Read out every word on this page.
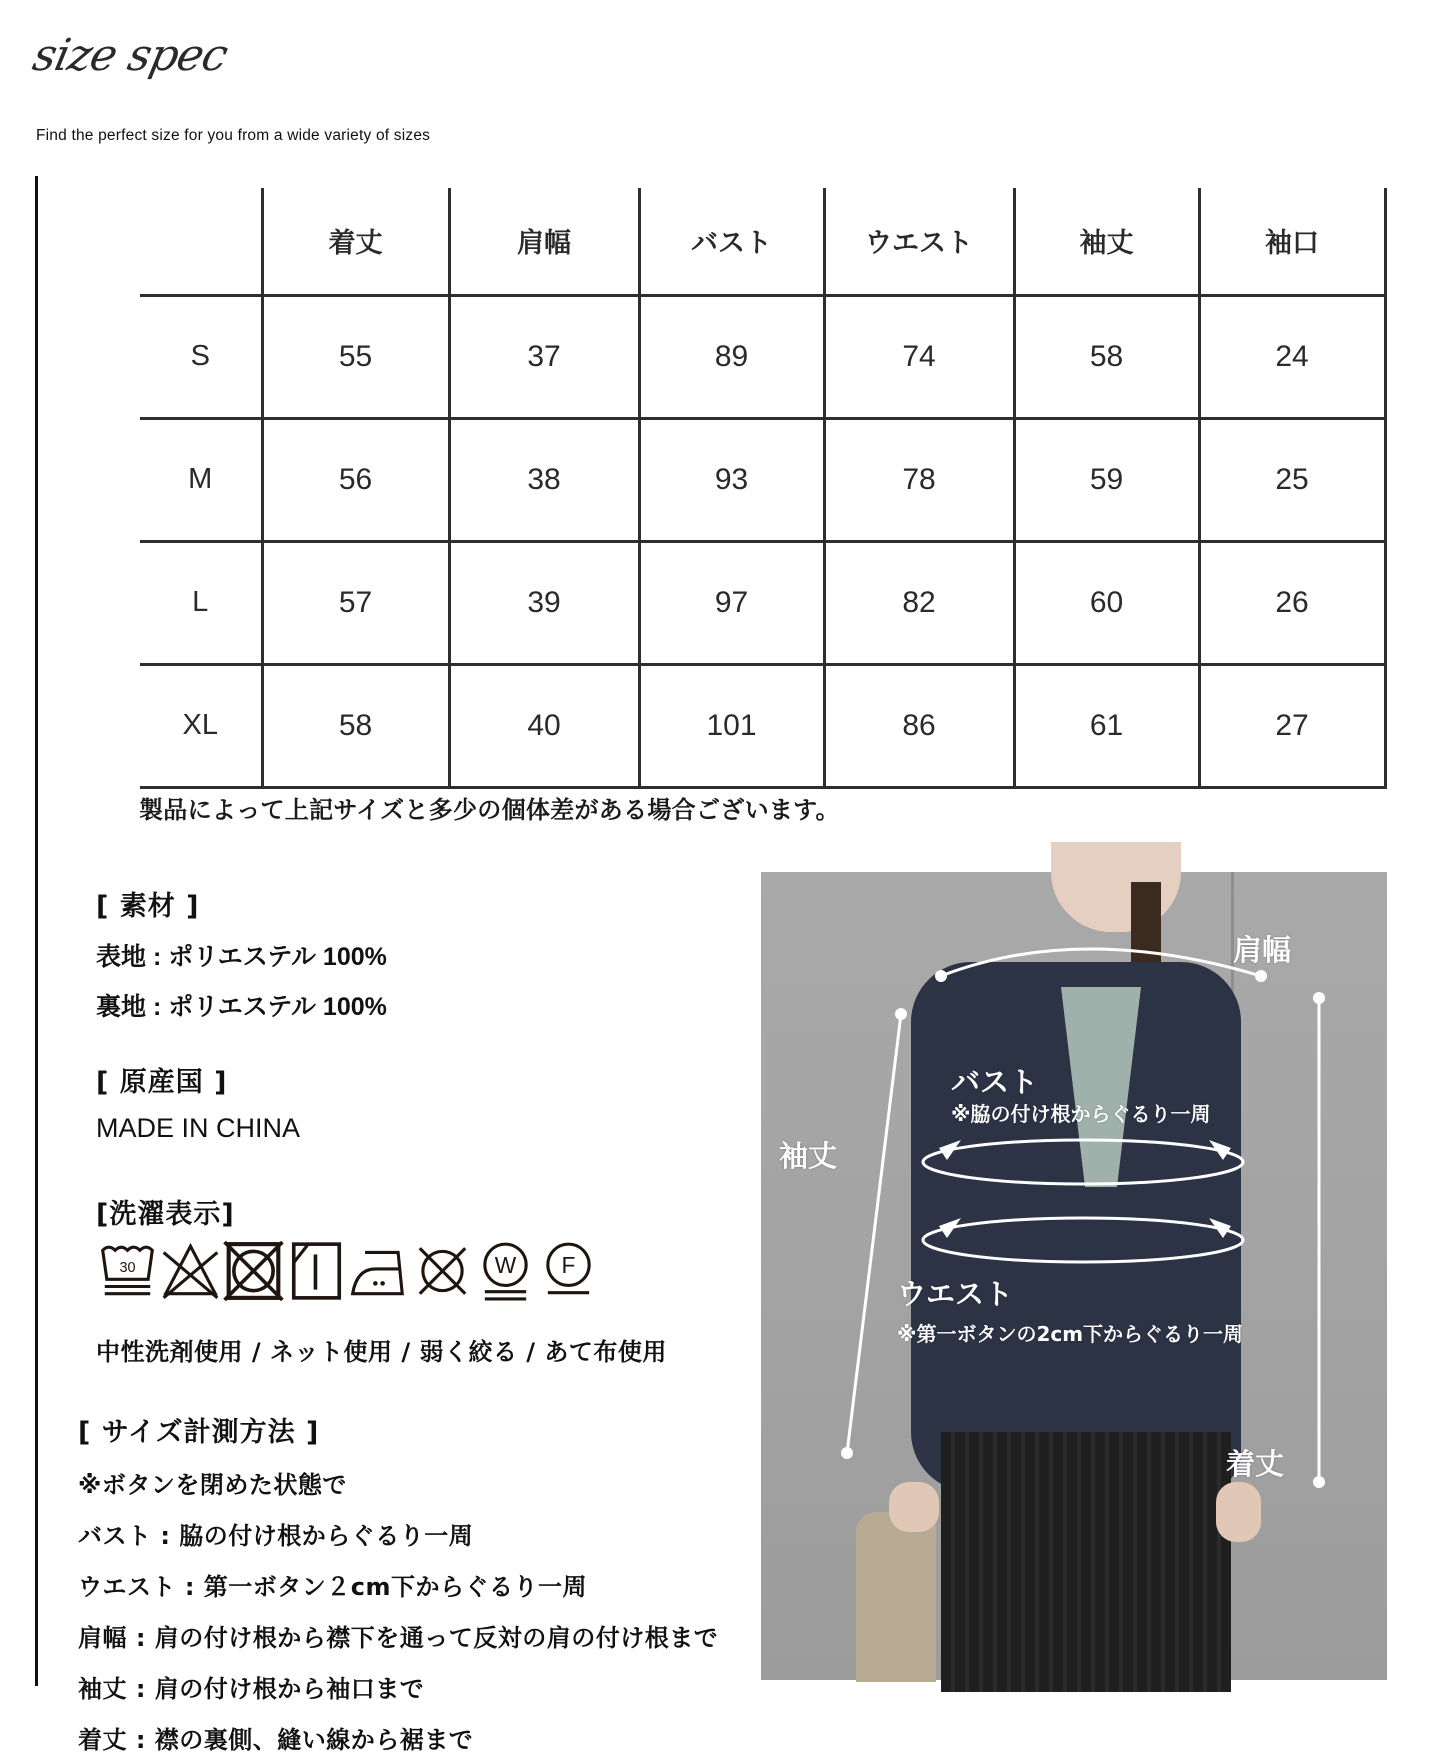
size spec
Find the perfect size for you from a wide variety of sizes
	着丈	肩幅	バスト	ウエスト	袖丈	袖口
S	55	37	89	74	58	24
M	56	38	93	78	59	25
L	57	39	97	82	60	26
XL	58	40	101	86	61	27
製品によって上記サイズと多少の個体差がある場合ございます。
[ 素材 ]
表地 : ポリエステル 100%
裏地 : ポリエステル 100%
[ 原産国 ]
MADE IN CHINA
[洗濯表示]
30	W F
中性洗剤使用 / ネット使用 / 弱く絞る / あて布使用
[ サイズ計測方法 ]
※ボタンを閉めた状態で
バスト : 脇の付け根からぐるり一周
ウエスト : 第一ボタン２cm下からぐるり一周
肩幅 : 肩の付け根から襟下を通って反対の肩の付け根まで
袖丈 : 肩の付け根から袖口まで
着丈 : 襟の裏側、縫い線から裾まで
肩幅
袖丈
バスト
※脇の付け根からぐるり一周
ウエスト
※第一ボタンの2cm下からぐるり一周
着丈
